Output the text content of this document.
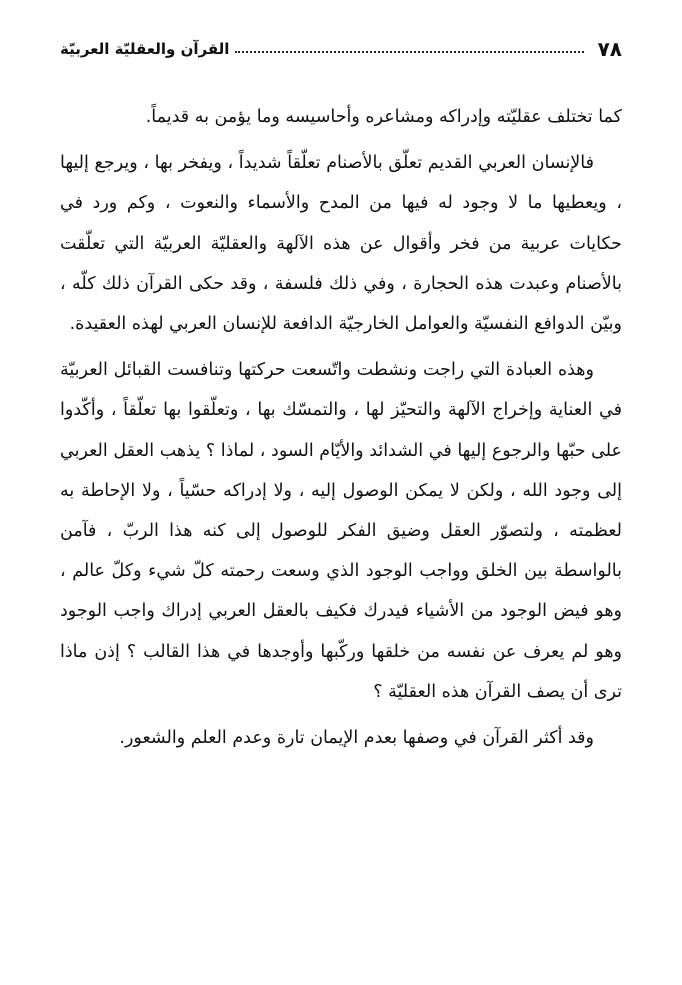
٧٨
القرآن والعقليّة العربيّة

كما تختلف عقليّته وإدراكه ومشاعره وأحاسيسه وما يؤمن به قديماً.

فالإنسان العربي القديم تعلّق بالأصنام تعلّقاً شديداً ، ويفخر بها ، ويرجع إليها ، ويعطيها ما لا وجود له فيها من المدح والأسماء والنعوت ، وكم ورد في حكايات عربية من فخر وأقوال عن هذه الآلهة والعقليّة العربيّة التي تعلّقت بالأصنام وعبدت هذه الحجارة ، وفي ذلك فلسفة ، وقد حكى القرآن ذلك كلّه ، وبيّن الدوافع النفسيّة والعوامل الخارجيّة الدافعة للإنسان العربي لهذه العقيدة.

وهذه العبادة التي راجت ونشطت واتّسعت حركتها وتنافست القبائل العربيّة في العناية وإخراج الآلهة والتحيّز لها ، والتمسّك بها ، وتعلّقوا بها تعلّقاً ، وأكّدوا على حبّها والرجوع إليها في الشدائد والأيّام السود ، لماذا ؟ يذهب العقل العربي إلى وجود الله ، ولكن لا يمكن الوصول إليه ، ولا إدراكه حسّياً ، ولا الإحاطة به لعظمته ، ولتصوّر العقل وضيق الفكر للوصول إلى كنه هذا الربّ ، فآمن بالواسطة بين الخلق وواجب الوجود الذي وسعت رحمته كلّ شيء وكلّ عالم ، وهو فيض الوجود من الأشياء فيدرك فكيف بالعقل العربي إدراك واجب الوجود وهو لم يعرف عن نفسه من خلقها وركّبها وأوجدها في هذا القالب ؟ إذن ماذا ترى أن يصف القرآن هذه العقليّة ؟

وقد أكثر القرآن في وصفها بعدم الإيمان تارة وعدم العلم والشعور.
